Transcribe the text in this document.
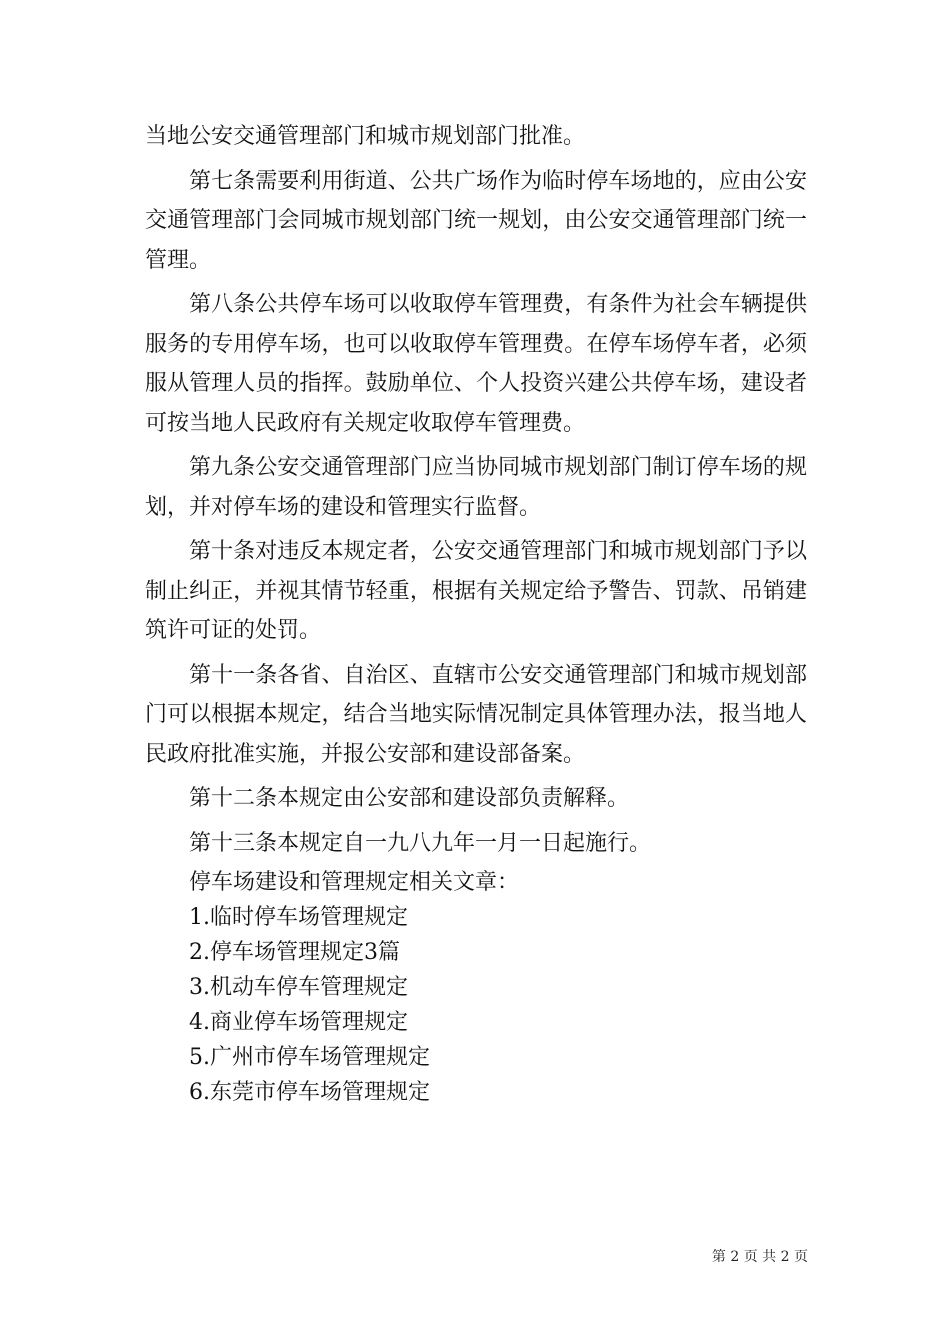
当地公安交通管理部门和城市规划部门批准。

第七条需要利用街道、公共广场作为临时停车场地的，应由公安交通管理部门会同城市规划部门统一规划，由公安交通管理部门统一管理。

第八条公共停车场可以收取停车管理费，有条件为社会车辆提供服务的专用停车场，也可以收取停车管理费。在停车场停车者，必须服从管理人员的指挥。鼓励单位、个人投资兴建公共停车场，建设者可按当地人民政府有关规定收取停车管理费。

第九条公安交通管理部门应当协同城市规划部门制订停车场的规划，并对停车场的建设和管理实行监督。

第十条对违反本规定者，公安交通管理部门和城市规划部门予以制止纠正，并视其情节轻重，根据有关规定给予警告、罚款、吊销建筑许可证的处罚。

第十一条各省、自治区、直辖市公安交通管理部门和城市规划部门可以根据本规定，结合当地实际情况制定具体管理办法，报当地人民政府批准实施，并报公安部和建设部备案。

第十二条本规定由公安部和建设部负责解释。

第十三条本规定自一九八九年一月一日起施行。

停车场建设和管理规定相关文章：
1.临时停车场管理规定
2.停车场管理规定3篇
3.机动车停车管理规定
4.商业停车场管理规定
5.广州市停车场管理规定
6.东莞市停车场管理规定
第 2 页 共 2 页
